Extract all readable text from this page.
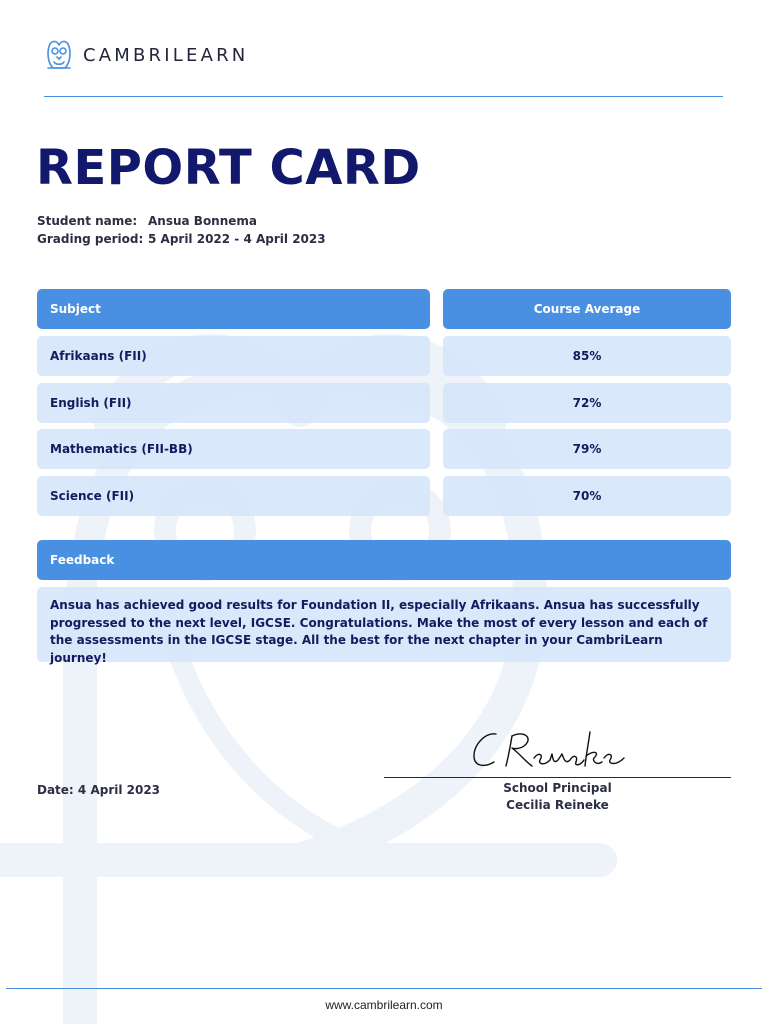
CAMBRILEARN
REPORT CARD
Student name: Ansua Bonnema
Grading period: 5 April 2022 - 4 April 2023
Subject	Course Average
Afrikaans (FII)	85%
English (FII)	72%
Mathematics (FII-BB)	79%
Science (FII)	70%
Feedback
Ansua has achieved good results for Foundation II, especially Afrikaans. Ansua has successfully progressed to the next level, IGCSE. Congratulations. Make the most of every lesson and each of the assessments in the IGCSE stage. All the best for the next chapter in your CambriLearn journey!
School Principal
Cecilia Reineke
Date: 4 April 2023
www.cambrilearn.com
